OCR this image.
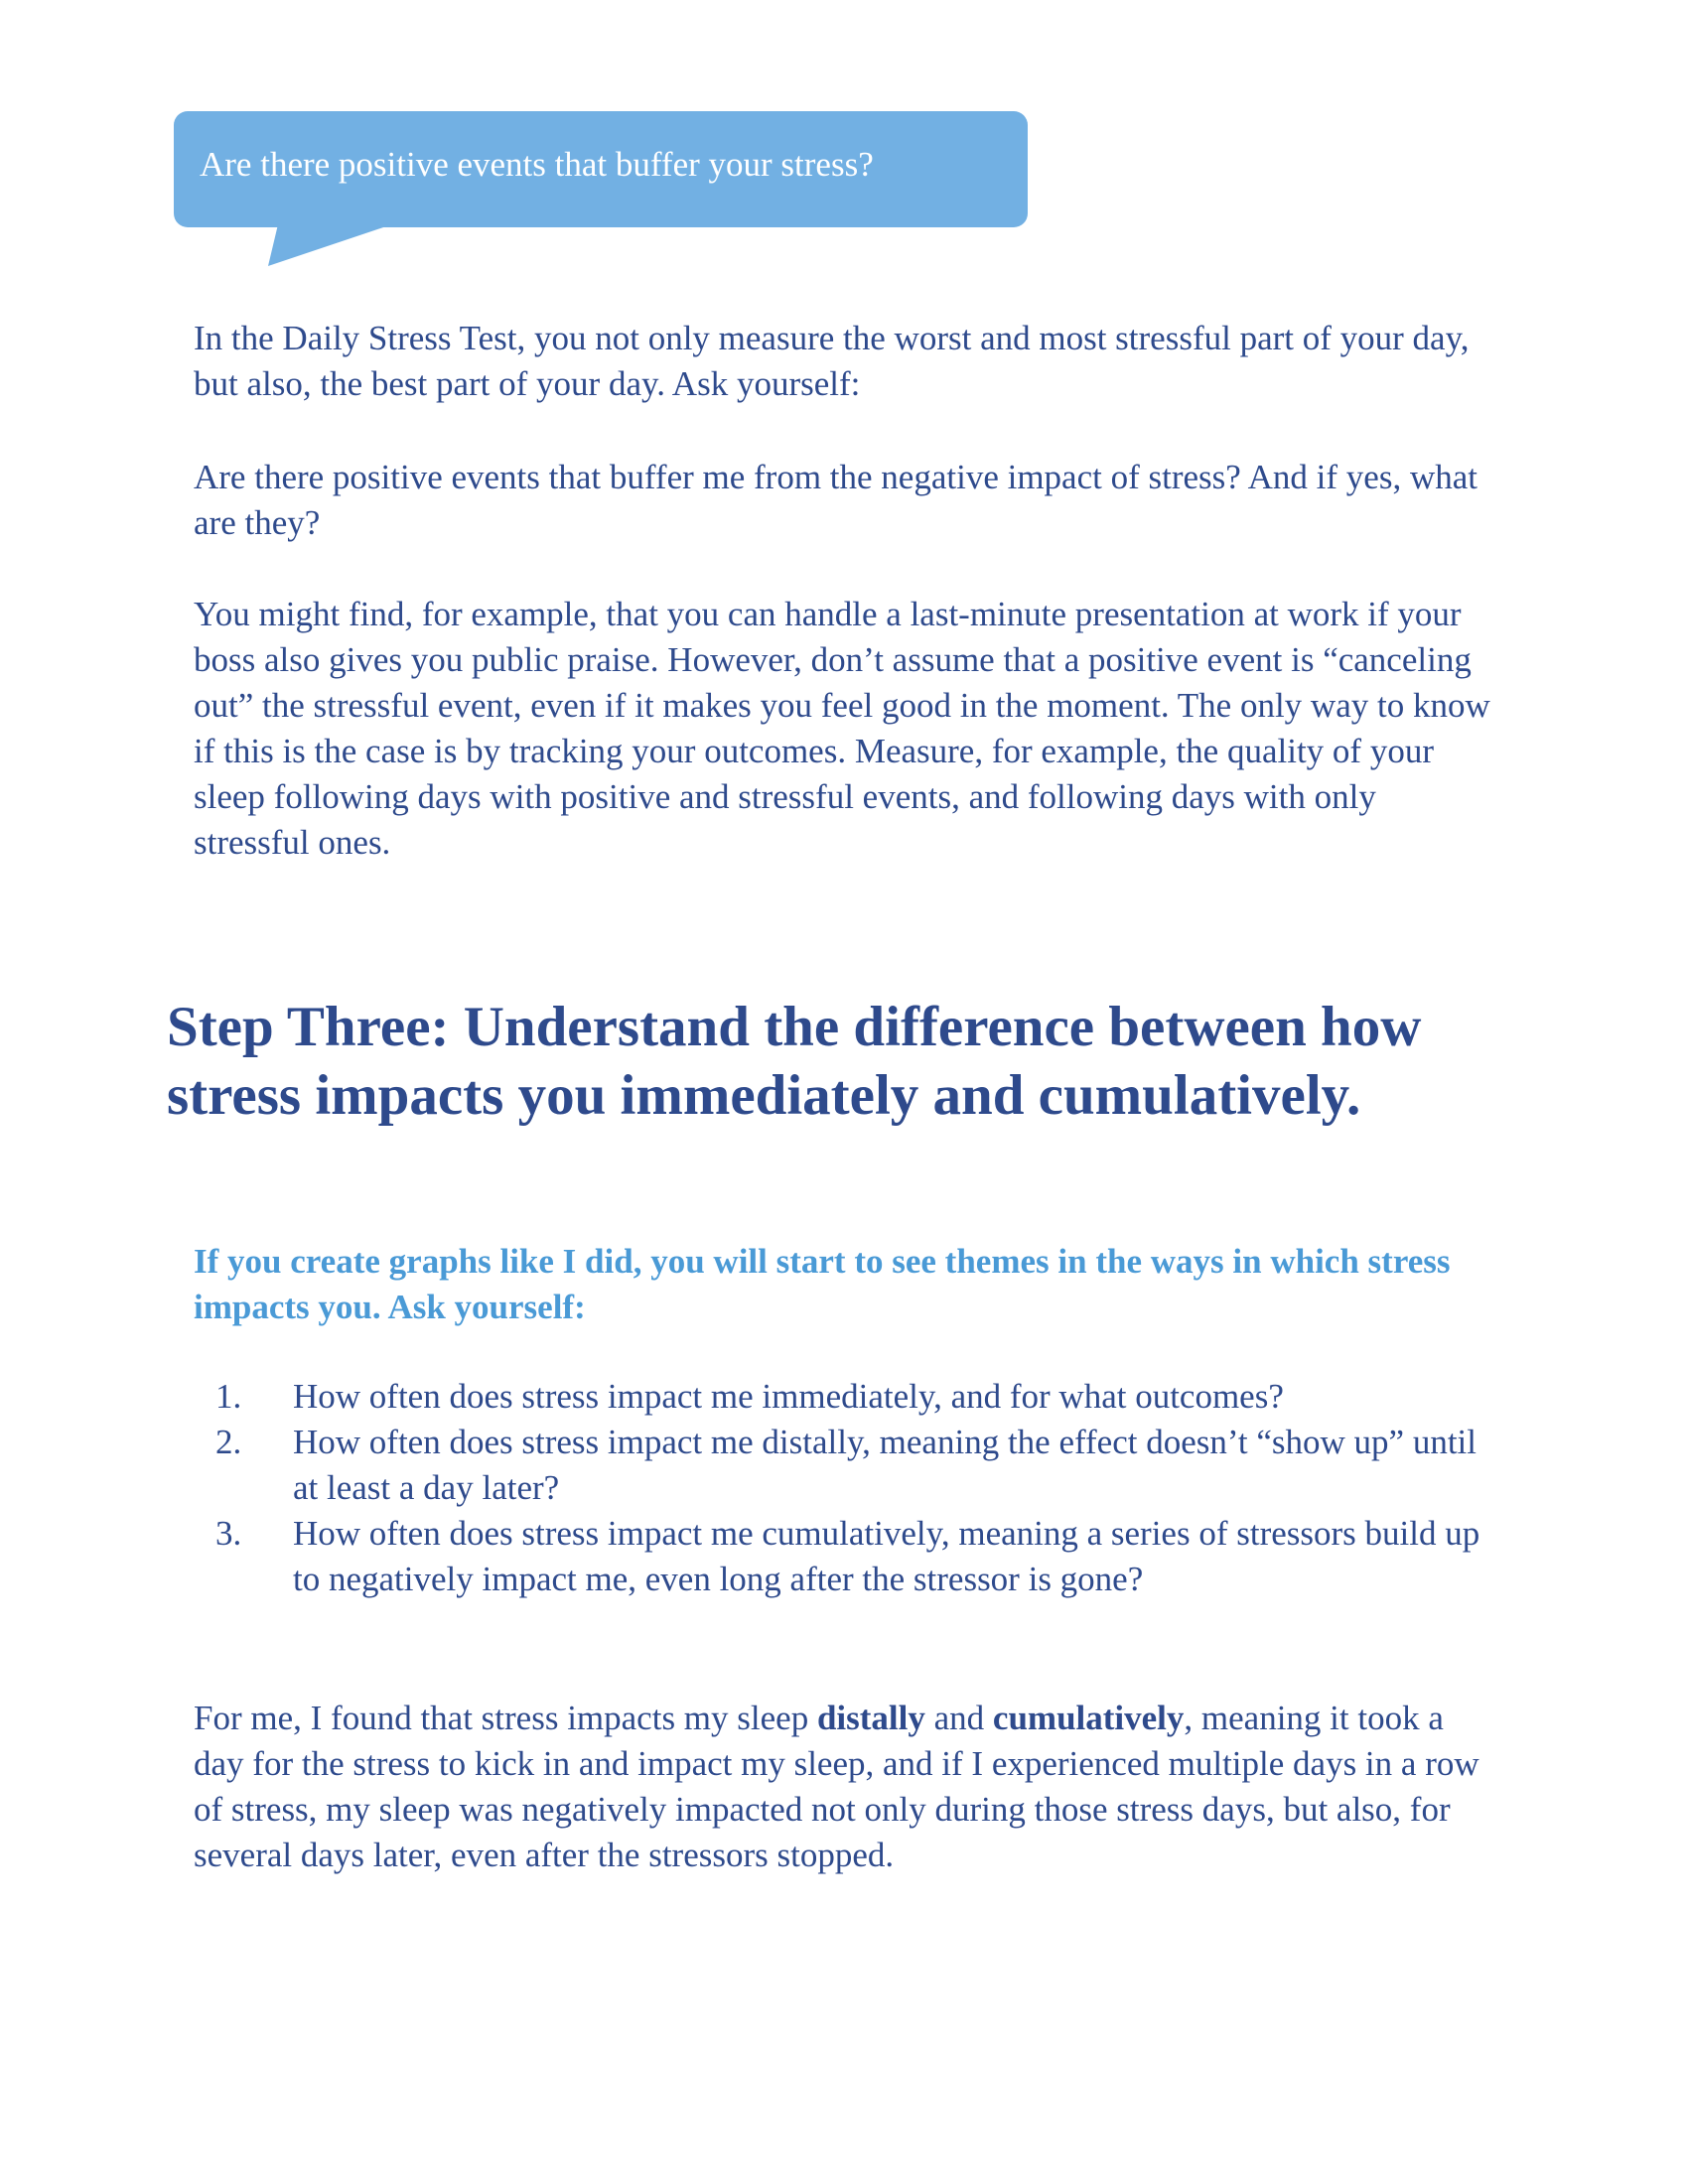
Are there positive events that buffer your stress?

In the Daily Stress Test, you not only measure the worst and most stressful part of your day, but also, the best part of your day. Ask yourself:

Are there positive events that buffer me from the negative impact of stress? And if yes, what are they?

You might find, for example, that you can handle a last-minute presentation at work if your boss also gives you public praise. However, don’t assume that a positive event is “canceling out” the stressful event, even if it makes you feel good in the moment. The only way to know if this is the case is by tracking your outcomes. Measure, for example, the quality of your sleep following days with positive and stressful events, and following days with only stressful ones.

Step Three: Understand the difference between how stress impacts you immediately and cumulatively.

If you create graphs like I did, you will start to see themes in the ways in which stress impacts you. Ask yourself:

1. How often does stress impact me immediately, and for what outcomes?
2. How often does stress impact me distally, meaning the effect doesn’t “show up” until at least a day later?
3. How often does stress impact me cumulatively, meaning a series of stressors build up to negatively impact me, even long after the stressor is gone?

For me, I found that stress impacts my sleep distally and cumulatively, meaning it took a day for the stress to kick in and impact my sleep, and if I experienced multiple days in a row of stress, my sleep was negatively impacted not only during those stress days, but also, for several days later, even after the stressors stopped.
